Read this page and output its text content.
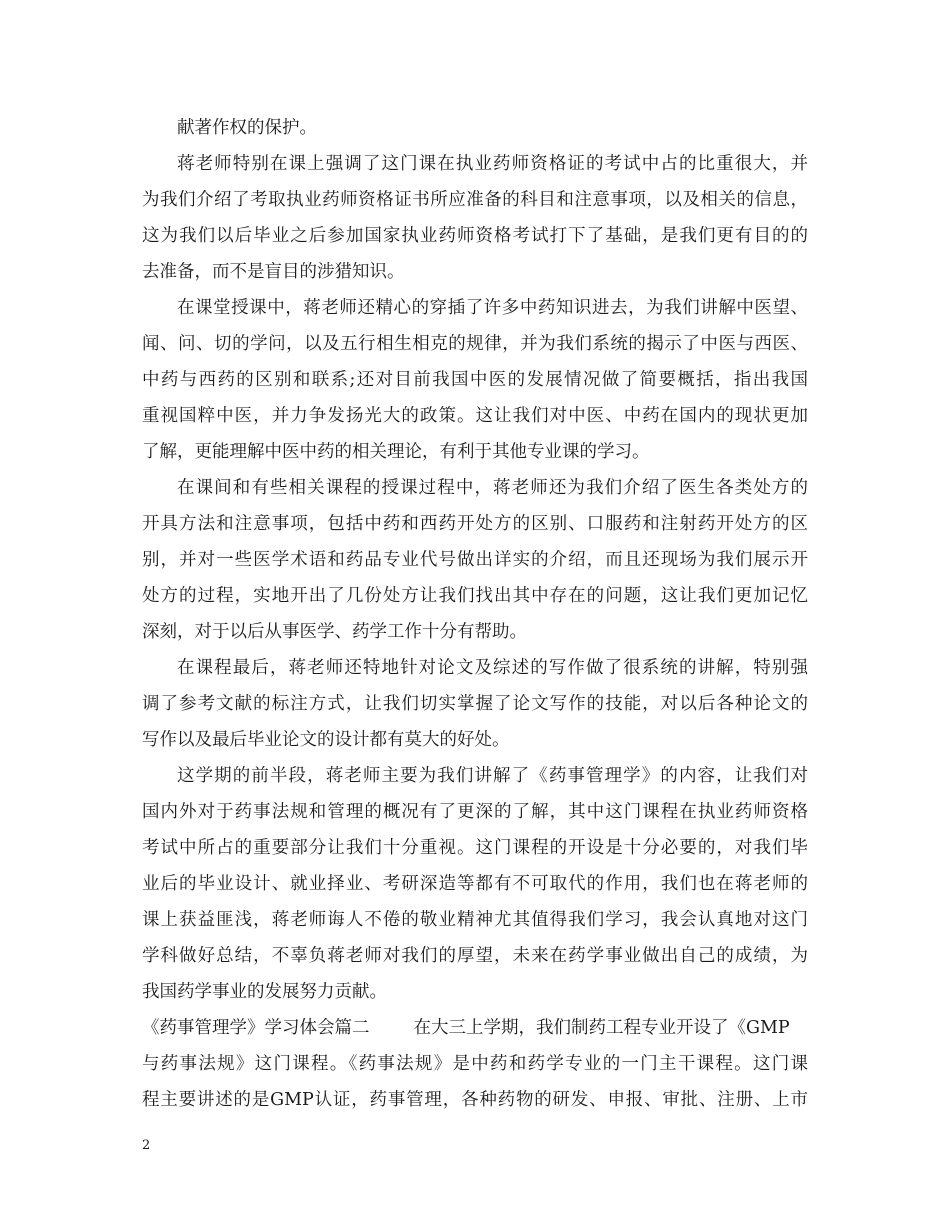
献著作权的保护。
蒋老师特别在课上强调了这门课在执业药师资格证的考试中占的比重很大，并
为我们介绍了考取执业药师资格证书所应准备的科目和注意事项，以及相关的信息，
这为我们以后毕业之后参加国家执业药师资格考试打下了基础，是我们更有目的的
去准备，而不是盲目的涉猎知识。
在课堂授课中，蒋老师还精心的穿插了许多中药知识进去，为我们讲解中医望、
闻、问、切的学问，以及五行相生相克的规律，并为我们系统的揭示了中医与西医、
中药与西药的区别和联系;还对目前我国中医的发展情况做了简要概括，指出我国
重视国粹中医，并力争发扬光大的政策。这让我们对中医、中药在国内的现状更加
了解，更能理解中医中药的相关理论，有利于其他专业课的学习。
在课间和有些相关课程的授课过程中，蒋老师还为我们介绍了医生各类处方的
开具方法和注意事项，包括中药和西药开处方的区别、口服药和注射药开处方的区
别，并对一些医学术语和药品专业代号做出详实的介绍，而且还现场为我们展示开
处方的过程，实地开出了几份处方让我们找出其中存在的问题，这让我们更加记忆
深刻，对于以后从事医学、药学工作十分有帮助。
在课程最后，蒋老师还特地针对论文及综述的写作做了很系统的讲解，特别强
调了参考文献的标注方式，让我们切实掌握了论文写作的技能，对以后各种论文的
写作以及最后毕业论文的设计都有莫大的好处。
这学期的前半段，蒋老师主要为我们讲解了《药事管理学》的内容，让我们对
国内外对于药事法规和管理的概况有了更深的了解，其中这门课程在执业药师资格
考试中所占的重要部分让我们十分重视。这门课程的开设是十分必要的，对我们毕
业后的毕业设计、就业择业、考研深造等都有不可取代的作用，我们也在蒋老师的
课上获益匪浅，蒋老师诲人不倦的敬业精神尤其值得我们学习，我会认真地对这门
学科做好总结，不辜负蒋老师对我们的厚望，未来在药学事业做出自己的成绩，为
我国药学事业的发展努力贡献。
《药事管理学》学习体会篇二	在大三上学期，我们制药工程专业开设了《GMP
与药事法规》这门课程。《药事法规》是中药和药学专业的一门主干课程。这门课
程主要讲述的是GMP认证，药事管理，各种药物的研发、申报、审批、注册、上市
2
